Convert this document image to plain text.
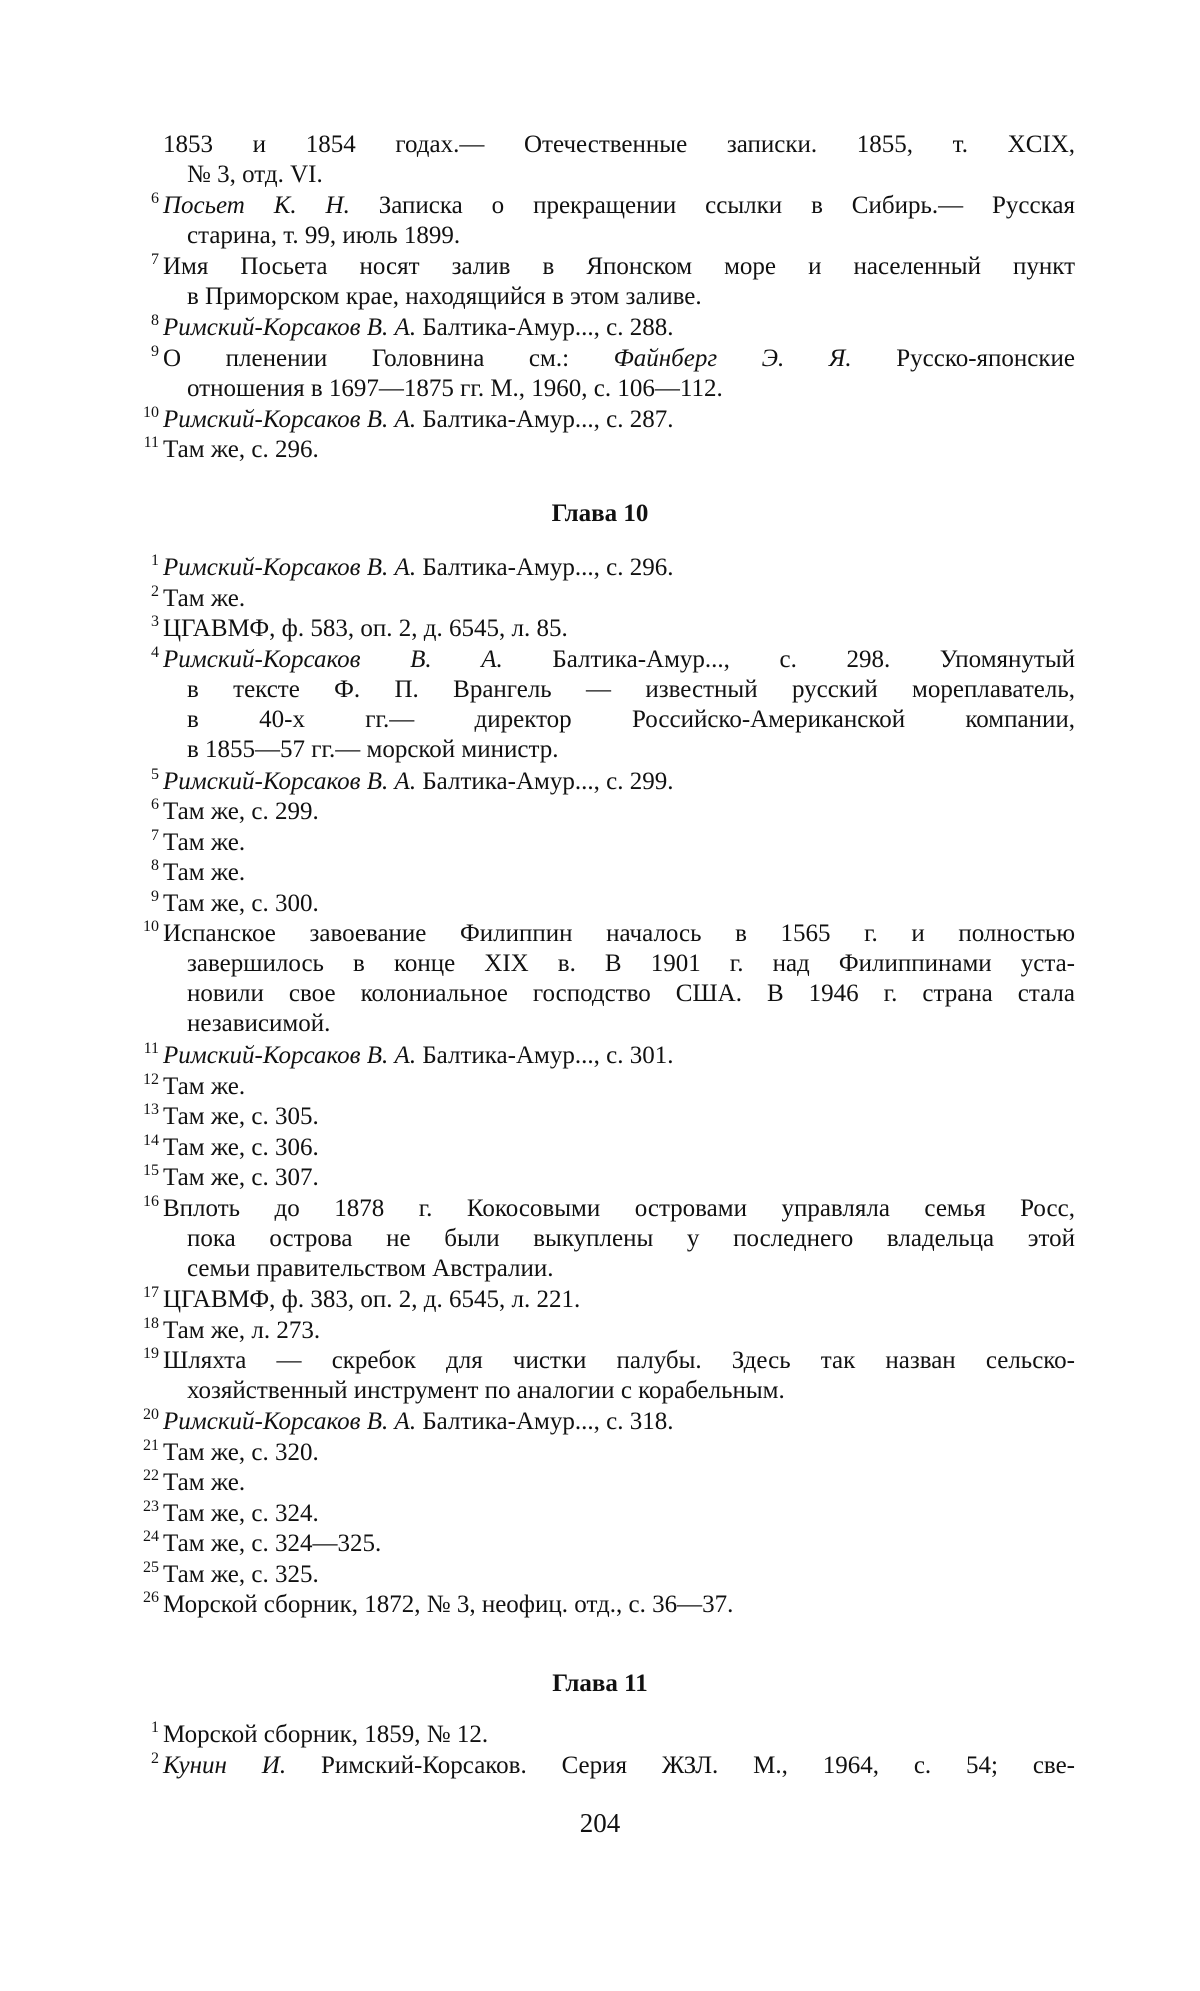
1853 и 1854 годах.— Отечественные записки. 1855, т. XCIX,
№ 3, отд. VI.
6 Посьет К. Н. Записка о прекращении ссылки в Сибирь.— Русская
старина, т. 99, июль 1899.
7 Имя Посьета носят залив в Японском море и населенный пункт
в Приморском крае, находящийся в этом заливе.
8 Римский-Корсаков В. А. Балтика-Амур..., с. 288.
9 О пленении Головнина см.: Файнберг Э. Я. Русско-японские
отношения в 1697—1875 гг. М., 1960, с. 106—112.
10 Римский-Корсаков В. А. Балтика-Амур..., с. 287.
11 Там же, с. 296.
Глава 10
1 Римский-Корсаков В. А. Балтика-Амур..., с. 296.
2 Там же.
3 ЦГАВМФ, ф. 583, оп. 2, д. 6545, л. 85.
4 Римский-Корсаков В. А. Балтика-Амур..., с. 298. Упомянутый
в тексте Ф. П. Врангель — известный русский мореплаватель,
в 40-х гг.— директор Российско-Американской компании,
в 1855—57 гг.— морской министр.
5 Римский-Корсаков В. А. Балтика-Амур..., с. 299.
6 Там же, с. 299.
7 Там же.
8 Там же.
9 Там же, с. 300.
10 Испанское завоевание Филиппин началось в 1565 г. и полностью
завершилось в конце XIX в. В 1901 г. над Филиппинами уста-
новили свое колониальное господство США. В 1946 г. страна стала
независимой.
11 Римский-Корсаков В. А. Балтика-Амур..., с. 301.
12 Там же.
13 Там же, с. 305.
14 Там же, с. 306.
15 Там же, с. 307.
16 Вплоть до 1878 г. Кокосовыми островами управляла семья Росс,
пока острова не были выкуплены у последнего владельца этой
семьи правительством Австралии.
17 ЦГАВМФ, ф. 383, оп. 2, д. 6545, л. 221.
18 Там же, л. 273.
19 Шляхта — скребок для чистки палубы. Здесь так назван сельско-
хозяйственный инструмент по аналогии с корабельным.
20 Римский-Корсаков В. А. Балтика-Амур..., с. 318.
21 Там же, с. 320.
22 Там же.
23 Там же, с. 324.
24 Там же, с. 324—325.
25 Там же, с. 325.
26 Морской сборник, 1872, № 3, неофиц. отд., с. 36—37.
Глава 11
1 Морской сборник, 1859, № 12.
2 Кунин И. Римский-Корсаков. Серия ЖЗЛ. М., 1964, с. 54; све-
204
